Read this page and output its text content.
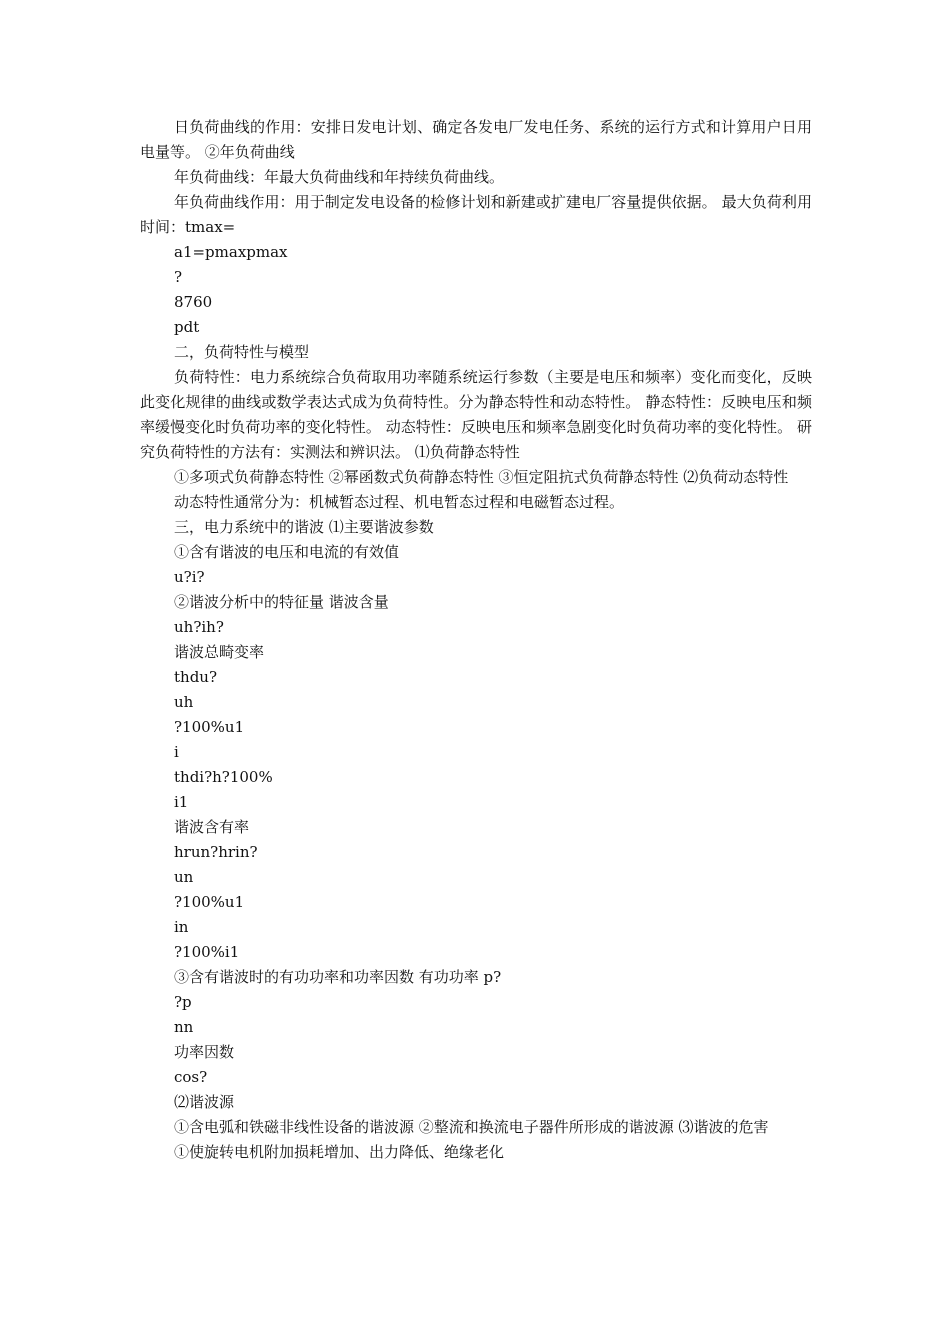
日负荷曲线的作用：安排日发电计划、确定各发电厂发电任务、系统的运行方式和计算用户日用电量等。 ②年负荷曲线

年负荷曲线：年最大负荷曲线和年持续负荷曲线。

年负荷曲线作用：用于制定发电设备的检修计划和新建或扩建电厂容量提供依据。 最大负荷利用时间：tmax=

a1=pmaxpmax

?

8760

pdt

二，负荷特性与模型

负荷特性：电力系统综合负荷取用功率随系统运行参数（主要是电压和频率）变化而变化，反映此变化规律的曲线或数学表达式成为负荷特性。分为静态特性和动态特性。 静态特性：反映电压和频率缓慢变化时负荷功率的变化特性。 动态特性：反映电压和频率急剧变化时负荷功率的变化特性。 研究负荷特性的方法有：实测法和辨识法。 ⑴负荷静态特性

①多项式负荷静态特性 ②幂函数式负荷静态特性 ③恒定阻抗式负荷静态特性 ⑵负荷动态特性

动态特性通常分为：机械暂态过程、机电暂态过程和电磁暂态过程。

三，电力系统中的谐波 ⑴主要谐波参数

①含有谐波的电压和电流的有效值

u?i?

②谐波分析中的特征量 谐波含量

uh?ih?

谐波总畸变率

thdu?

uh

?100%u1

i

thdi?h?100%

i1

谐波含有率

hrun?hrin?

un

?100%u1

in

?100%i1

③含有谐波时的有功功率和功率因数 有功功率 p?

?p

nn

功率因数

cos?

⑵谐波源

①含电弧和铁磁非线性设备的谐波源 ②整流和换流电子器件所形成的谐波源 ⑶谐波的危害

①使旋转电机附加损耗增加、出力降低、绝缘老化
